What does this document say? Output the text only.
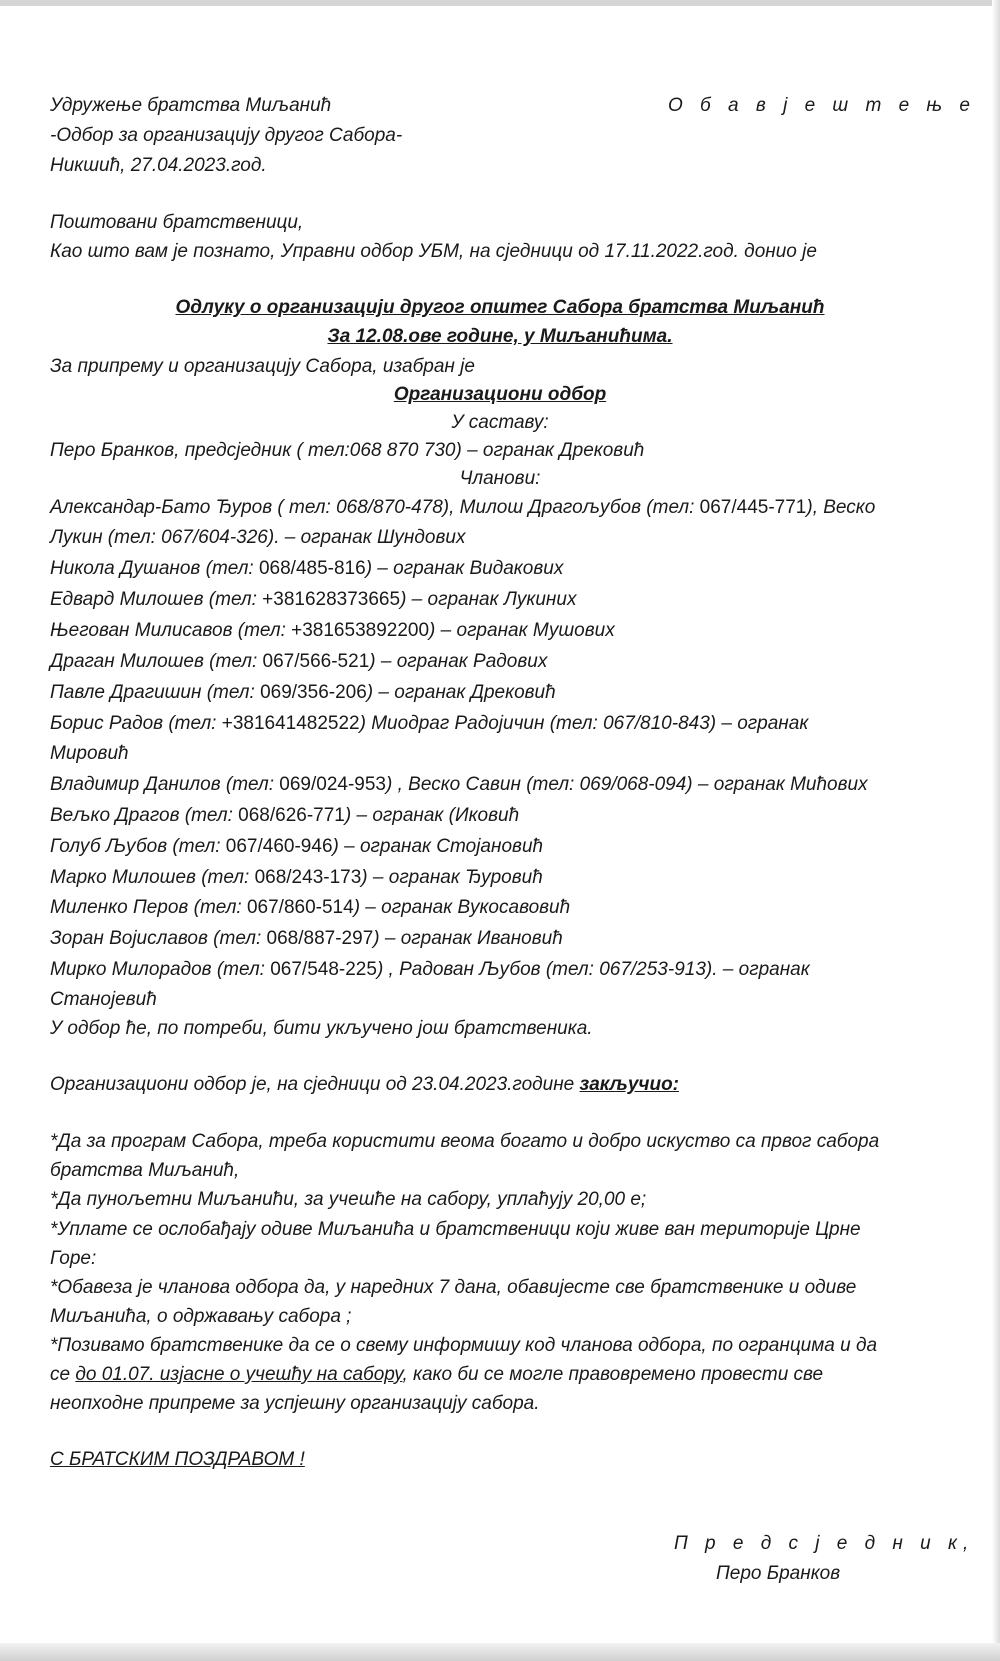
Удружење братства Миљанић	О б а в j е ш т е њ е
-Одбор за организацију другог Сабора-
Никшић, 27.04.2023.год.
Поштовани братственици,
Као што вам је познато, Управни одбор УБМ, на сједници од 17.11.2022.год. донио је
Одлуку о организацији другог општег Сабора братства Миљанић
За 12.08.ове године, у Миљанићима.
За припрему и организацију Сабора, изабран је
Организациони одбор
У саставу:
Перо Бранков, предсједник ( тел:068 870 730) – огранак Дрековић
Чланови:
Александар-Бато Ђуров ( тел: 068/870-478), Милош Драгољубов (тел: 067/445-771), Веско
Лукин (тел: 067/604-326). – огранак Шундових
Никола Душанов (тел: 068/485-816) – огранак Видакових
Едвард Милошев (тел: +381628373665) – огранак Лукиних
Његован Милисавов (тел: +381653892200) – огранак Мушових
Драган Милошев (тел: 067/566-521) – огранак Радових
Павле Драгишин (тел: 069/356-206) – огранак Дрековић
Борис Радов (тел: +381641482522) Миодраг Радојичин (тел: 067/810-843) – огранак
Мировић
Владимир Данилов (тел: 069/024-953) , Веско Савин (тел: 069/068-094) – огранак Мићових
Вељко Драгов (тел: 068/626-771) – огранак (Иковић
Голуб Љубов (тел: 067/460-946) – огранак Стојановић
Марко Милошев (тел: 068/243-173) – огранак Ђуровић
Миленко Перов (тел: 067/860-514) – огранак Вукосавовић
Зоран Војиславов (тел: 068/887-297) – огранак Ивановић
Мирко Милорадов (тел: 067/548-225) , Радован Љубов (тел: 067/253-913). – огранак
Станојевић
У одбор ће, по потреби, бити укључено још братственика.
Организациони одбор је, на сједници од 23.04.2023.године закључио:
*Да за програм Сабора, треба користити веома богато и добро искуство са првог сабора
братства Миљанић,
*Да пунољетни Миљанићи, за учешће на сабору, уплаћују 20,00 е;
*Уплате се ослобађају одиве Миљанића и братственици који живе ван територије Црне
Горе:
*Обавеза је чланова одбора да, у наредних 7 дана, обавијесте све братственике и одиве
Миљанића, о одржавању сабора ;
*Позивамо братственике да се о свему информишу код чланова одбора, по огранцима и да
се до 01.07. изјасне о учешћу на сабору, како би се могле правовремено провести све
неопходне припреме за успјешну организацију сабора.
С БРАТСКИМ ПОЗДРАВОМ !
П р е д с ј е д н и к,
Перо Бранков
